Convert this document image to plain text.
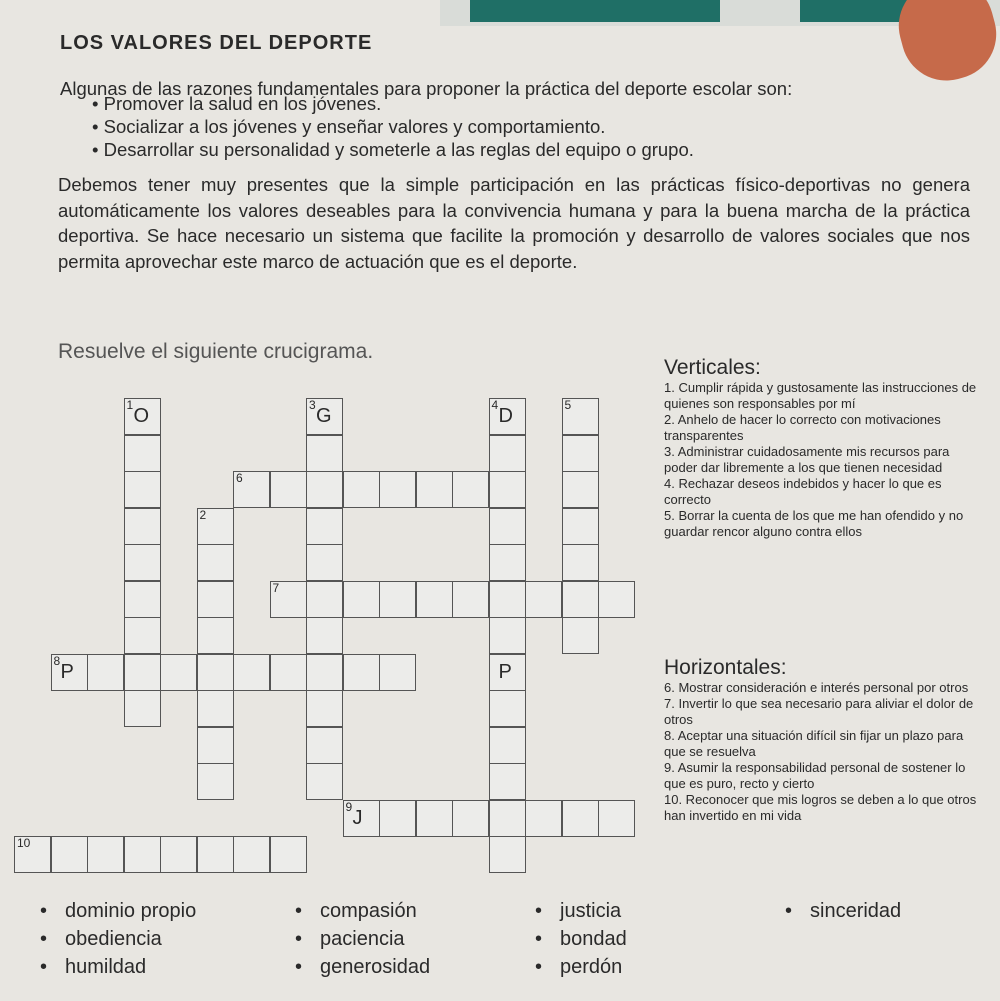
LOS VALORES DEL DEPORTE
Algunas de las razones fundamentales para proponer la práctica del deporte escolar son:
• Promover la salud en los jóvenes.
• Socializar a los jóvenes y enseñar valores y comportamiento.
• Desarrollar su personalidad y someterle a las reglas del equipo o grupo.
Debemos tener muy presentes que la simple participación en las prácticas físico-deportivas no genera automáticamente los valores deseables para la convivencia humana y para la buena marcha de la práctica deportiva. Se hace necesario un sistema que facilite la promoción y desarrollo de valores sociales que nos permita aprovechar este marco de actuación que es el deporte.
Resuelve el siguiente crucigrama.
Verticales:

1. Cumplir rápida y gustosamente las instrucciones de quienes son responsables por mí

2. Anhelo de hacer lo correcto con motivaciones transparentes

3. Administrar cuidadosamente mis recursos para poder dar libremente a los que tienen necesidad

4. Rechazar deseos indebidos y hacer lo que es correcto

5. Borrar la cuenta de los que me han ofendido y no guardar rencor alguno contra ellos

Horizontales:

6. Mostrar consideración e interés personal por otros

7. Invertir lo que sea necesario para aliviar el dolor de otros

8. Aceptar una situación difícil sin fijar un plazo para que se resuelva

9. Asumir la responsabilidad personal de sostener lo que es puro, recto y cierto

10. Reconocer que mis logros se deben a lo que otros han invertido en mi vida

1 O
2
3 G	4 D
P
5
6
7
8 P
9 J
10
• dominio propio	• compasión	• justicia	• sinceridad
• obediencia	• paciencia	• bondad
• humildad	• generosidad	• perdón
